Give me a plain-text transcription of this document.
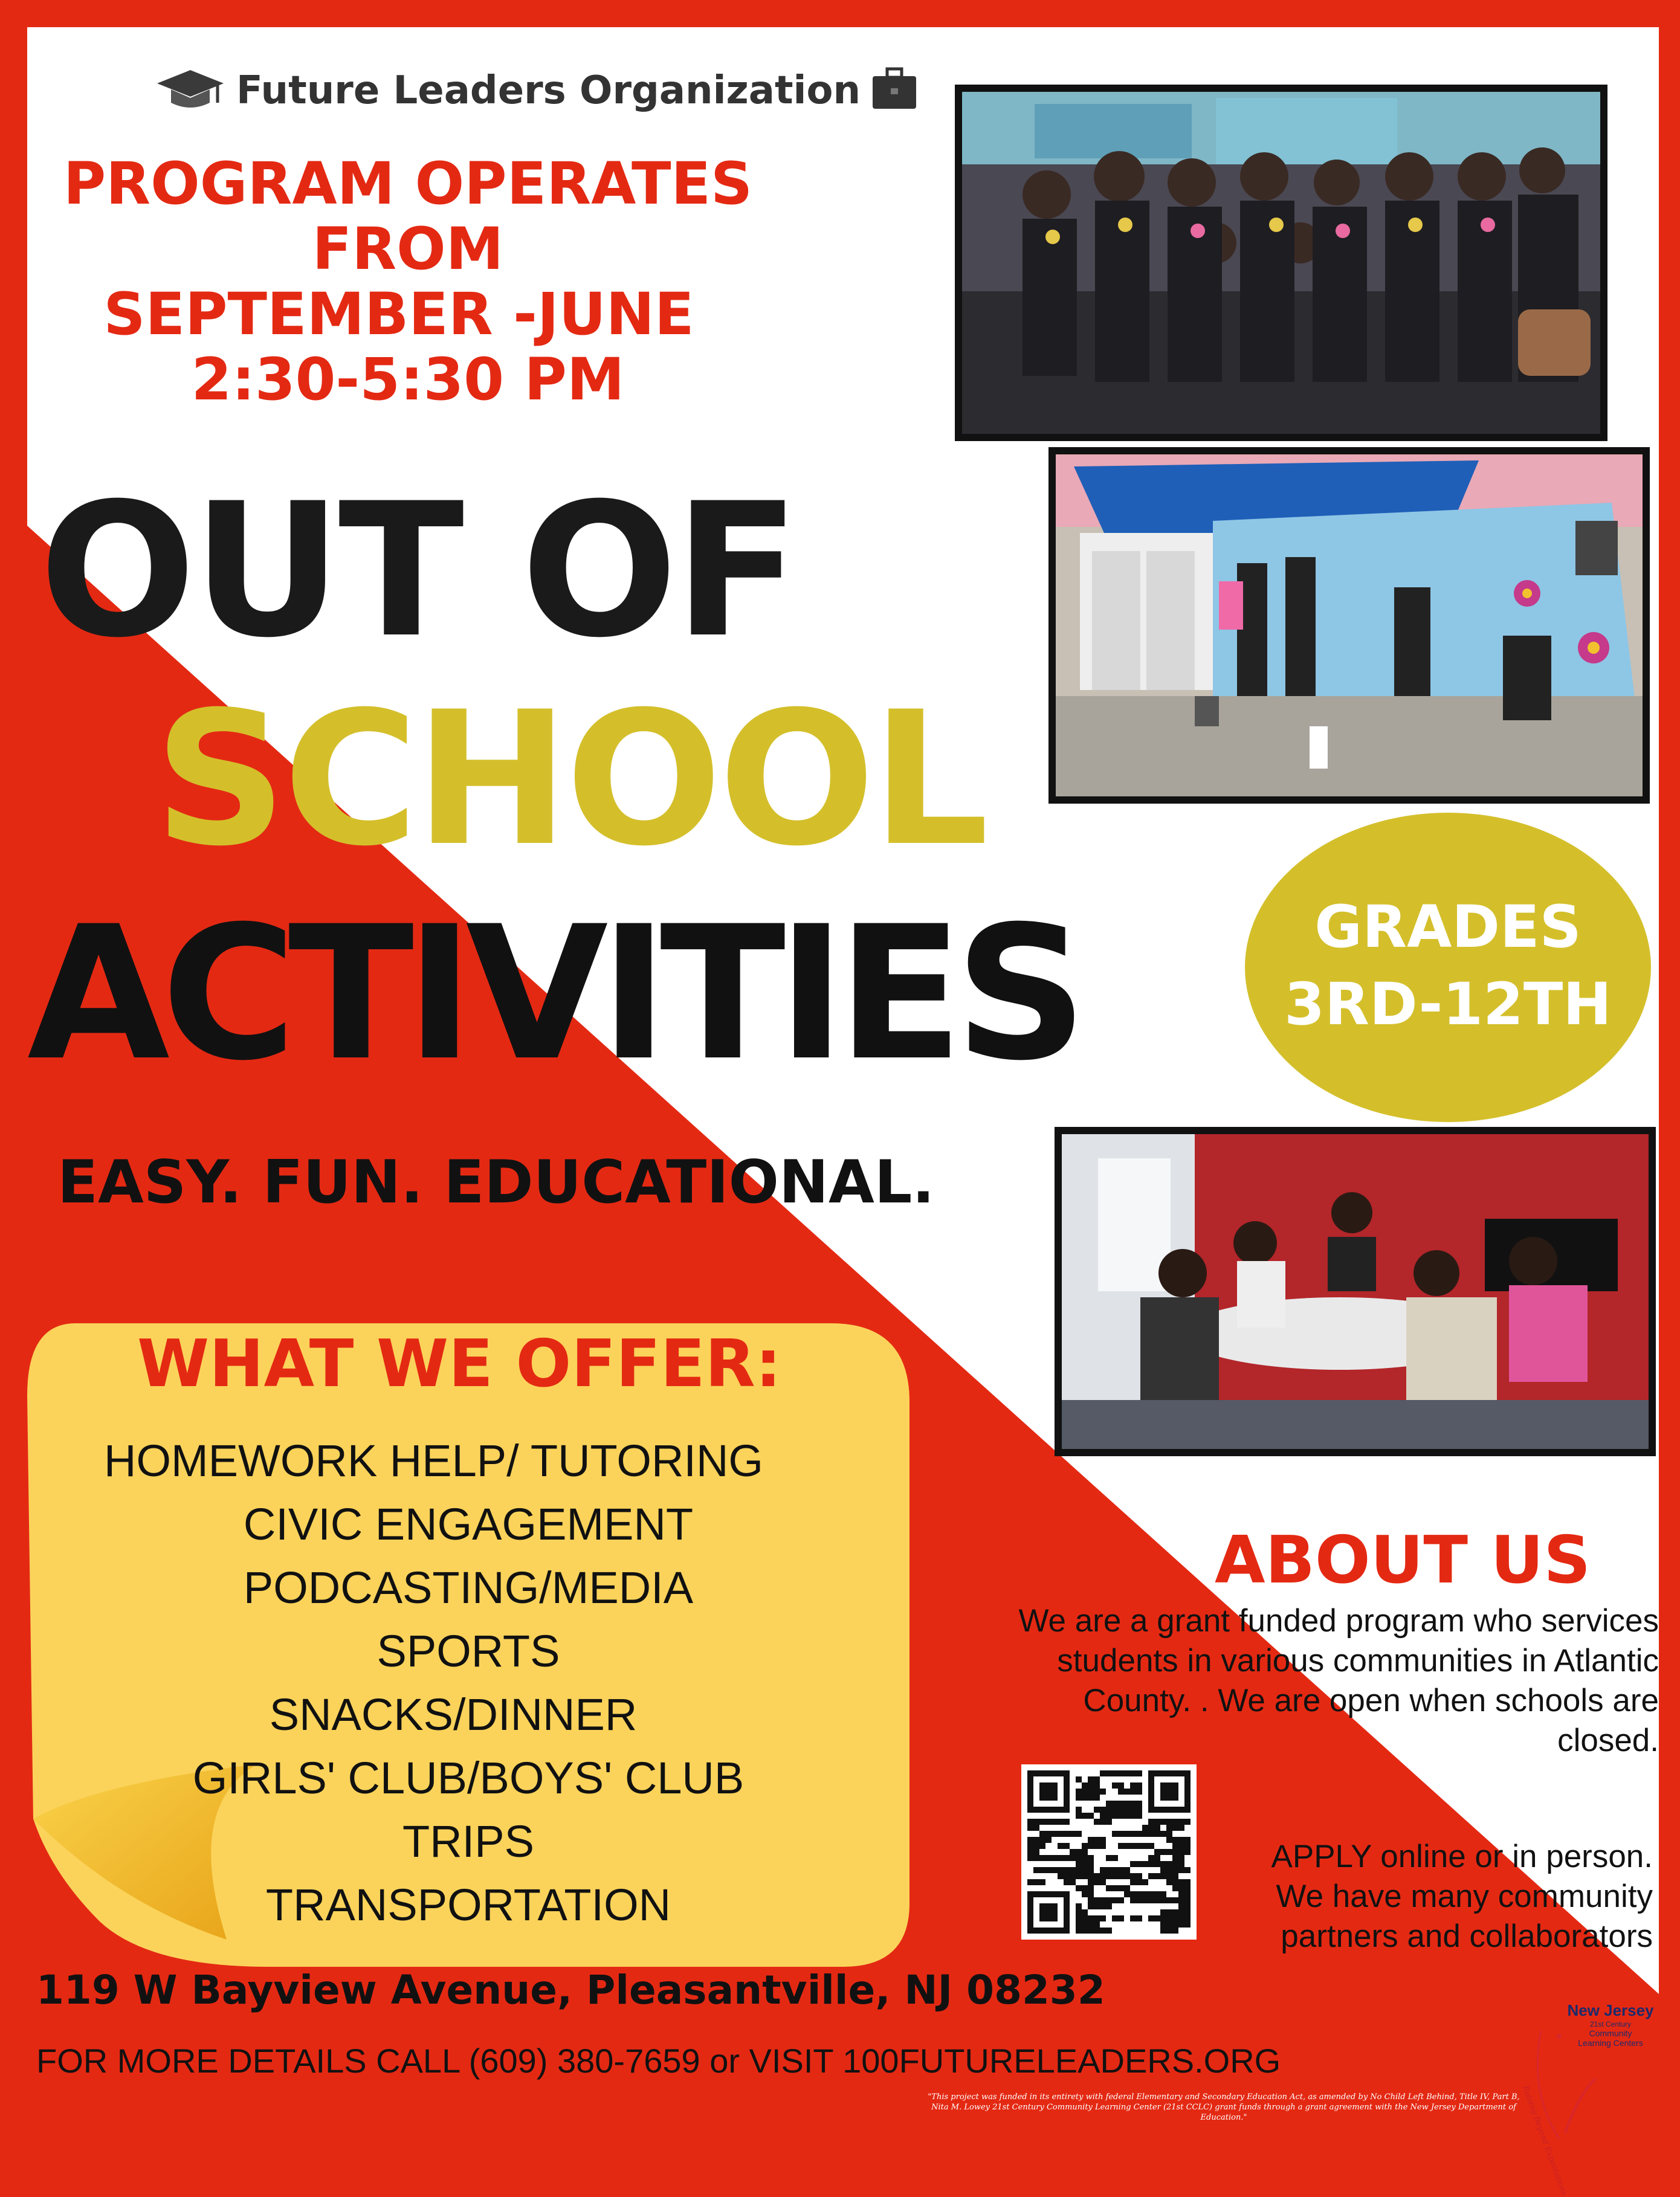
Future Leaders Organization
PROGRAM OPERATES
FROM
SEPTEMBER -JUNE
2:30-5:30 PM
OUT OF
SCHOOL
ACTIVITIES
EASY. FUN. EDUCATIONAL.
GRADES
3RD-12TH
WHAT WE OFFER:
HOMEWORK HELP/ TUTORING
CIVIC ENGAGEMENT
PODCASTING/MEDIA
SPORTS
SNACKS/DINNER
GIRLS' CLUB/BOYS' CLUB
TRIPS
TRANSPORTATION
ABOUT US
We are a grant funded program who services
students in various communities in Atlantic
County. . We are open when schools are
closed.
APPLY online or in person.
We have many community
partners and collaborators
119 W Bayview Avenue, Pleasantville, NJ 08232
FOR MORE DETAILS CALL (609) 380-7659 or VISIT 100FUTURELEADERS.ORG
"This project was funded in its entirety with federal Elementary and Secondary Education Act, as amended by No Child Left Behind, Title IV, Part B, Nita M. Lowey 21st Century Community Learning Center (21st CCLC) grant funds through a grant agreement with the New Jersey Department of Education."
New Jersey
21st Century
Community
Learning Centers
Raising Beyond Expectations
